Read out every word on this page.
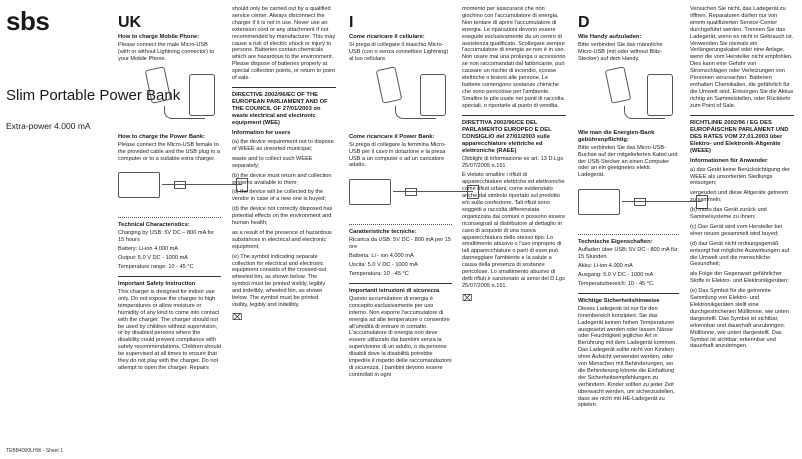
sbs
Slim Portable Power Bank
Extra-power 4.000 mA
TEBB4000LHW - Sheet 1
UK
How to charge Mobile Phone:

Please connect the male Micro-USB (with or without Lightning connector) to your Mobile Phone.

How to charge the Power Bank:

Please connect the Micro-USB female to the provided cable and the USB plug to a computer or to a suitable extra charger.

Technical Characteristics:

Charging by USB: 5V DC – 800 mA for 15 hours

Battery: Li-ion 4.000 mA

Output: 5.0 V DC - 1000 mA

Temperature range: 10 - 45 °C

Important Safety Instruction

This charger is designed for indoor use only. Do not expose the charger to high temperatures or allow moisture or humidity of any kind to come into contact with the charger. The charger should not be used by children without supervision, or by disabled persons where the disability could prevent compliance with safety recommendations. Children should be supervised at all times to ensure that they do not play with the charger. Do not attempt to open the charger. Repairs

should only be carried out by a qualified service center. Always disconnect the charger if it is not in use. Never use an extension cord or any attachment if not recommended by manufacturer. This may cause a risk of electric shock or injury to persons. Batteries contain chemicals which are hazardous to the environment. Please dispose of batteries properly at special collection points, or return to point of sale.

DIRECTIVE 2002/96/EC OF THE EUROPEAN PARLIAMENT AND OF THE COUNCIL OF 27/01/2003 on waste electrical and electronic equipment (WEE)
Information for users

(a) the device requirement not to dispose of WEEE as unsorted municipal;

waste and to collect such WEEE separately;

(b) the device must return and collection systems available to them;

(c) the device will be collected by the vendor in case of a new one is buyed;

(d) the device not correctly disposed has potential effects on the environment and human health;

as a result of the presence of hazardous substances in electrical and electronic equipment;

(e) The symbol indicating separate collection for electrical and electronic equipment consists of the crossed-out wheeled bin, as shown below. The symbol must be printed visibly, legibly and indelibly, wheeled bin, as shown below. The symbol must be printed visibly, legibly and indelibly.

⌧
I
Come ricaricare il cellulare:

Si prega di collegare il maschio Micro-USB (con o senza connettore Lightning) al tuo cellulare.

Come ricaricare il Power Bank:

Si prega di collegare la femmina Micro-USB per il cavo in dotazione e la presa USB a un computer o ad un caricatore adatto.

Caratteristiche tecniche:

Ricarica da USB: 5V DC - 800 mA per 15 ore

Batteria: Li - ion 4.000 mA

Uscita: 5.0 V DC - 1000 mA

Temperatura: 10 - 45 °C

Importanti istruzioni di sicurezza

Questo accumulatore di energia è concepito esclusivamente per uso interno. Non esporre l'accumulatore di energia ad alte temperature o consentire all'umidità di entrare in contatto. L'accumulatore di energia non deve essere utilizzato dai bambini senza la supervisione di un adulto, o da persone disabili dove la disabilità potrebbe impedire il rispetto delle raccomandazioni di sicurezza. I bambini devono essere controllati in ogni

momento per assicurarsi che non giochino con l'accumulatore di energia. Non tentare di aprire l'accumulatore di energia. Le riparazioni devono essere eseguite esclusivamente da un centro di assistenza qualificato. Scollegare sempre l'accumulatore di energia se non è in uso. Non usare mai una prolunga o accessorio se non raccomandati dal fabbricante, può causare un rischio di incendio, scosse elettriche o lesioni alle persone. Le batterie contengono sostanze chimiche che sono pericolose per l'ambiente. Smaltire le pile usate nei punti di raccolta speciali, o riportarle al punto di vendita.

DIRETTIVA 2002/96/CE DEL PARLAMENTO EUROPEO E DEL CONSIGLIO del 27/01/2003 sulle apparecchiature elettriche ed elettroniche (RAEE)

Obblighi di informazione ex art. 13 D.Lgs 25/07/2005 n.151

È vietato smaltire i rifiuti di apparecchiature elettriche ed elettroniche come rifiuti urbani, come evidenziato anche dal simbolo riportato sul prodotto e/o sulla confezione. Tali rifiuti sono soggetti a raccolta differenziata organizzata dai comuni o possono essere riconsegnati al distributore al dettaglio in caso di acquisto di una nuova apparecchiatura dello stesso tipo. Lo smaltimento abusivo o l'uso improprio di tali apparecchiature o parti di esse può danneggiare l'ambiente e la salute a causa della presenza di sostanze pericolose. Lo smaltimento abusivo di detti rifiuti è sanzionato ai sensi del D.Lgs 25/07/2005 n.151.

⌧
D
Wie Handy aufzuladen:

Bitte verbinden Sie das männliche Micro-USB (mit oder without Blitz-Stecker) auf dem Handy.

Wie man die Energien-Bank gebührenpflichtig:

Bitte verbinden Sie das Micro-USB-Buchse auf der mitgelieferten Kabel und der USB-Stecker an einen Computer oder an ein geeignetes elektr. Ladegerät.

Technische Eigenschaften:

Aufladen über USB: 5V DC - 800 mA für 15 Stunden

Akku: Li-ion 4.000 mA

Ausgang: 5.0 V DC - 1000 mA

Temperaturbereich: 10 - 45 °C.

Wichtige Sicherheitshinweise

Dieses Ladegerät ist nur für den Innenbereich konzipiert. Sie das Ladegerät keinen hohen Temperaturen ausgesetzt werden oder lassen Nässe oder Feuchtigkeit jeglicher Art in Berührung mit dem Ladegerät kommen. Das Ladegerät sollte nicht von Kindern ohne Aufsicht verwendet werden, oder von Menschen mit Behinderungen, wo die Behinderung könnte die Einhaltung der Sicherheitsempfehlungen zu verhindern. Kinder sollten zu jeder Zeit überwacht werden, um sicherzustellen, dass sie nicht mit HE-Ladegerät zu spielen.

Versuchen Sie nicht, das Ladegerät zu öffnen. Reparaturen dürfen nur von einem qualifizierten Service-Center durchgeführt werden. Trennen Sie das Ladegerät, wenn es nicht in Gebrauch ist. Verwenden Sie niemals ein Verlängerungskabel oder eine Anlage, wenn die vom Hersteller nicht empfohlen. Dies kann eine Gefahr von Stromschlägen oder Verletzungen von Personen verursachen. Batterien enthalten Chemikalien, die gefährlich für die Umwelt sind. Entsorgen Sie die Akkus richtig an Sammelstellen, oder Rückkehr zum Point of Sale.

RICHTLINIE 2002/96 / EG DES EUROPÄISCHEN PARLAMENT UND DES RATES VOM 27.01.2003 über Elektro- und Elektronik-Altgeräte (WEEE)
Informationen für Anwender

a) das Gerät keine Berücksichtigung der WEEE als unsortierten Siedlungs entsorgen;

vergeuden und diese Altgeräte getrennt zu sammeln;

(b) muss das Gerät zurück und Sammelsysteme zu ihnen;

(c) Das Gerät wird vom Hersteller bei einer neuen gesammelt wird buyed;

(d) das Gerät nicht ordnungsgemäß entsorgt hat mögliche Auswirkungen auf die Umwelt und die menschliche Gesundheit;

als Folge der Gegenwart gefährlicher Stoffe in Elektro- und Elektronikgeräten;

(e) Das Symbol für die getrennte Sammlung von Elektro- und Elektronikgeräten stellt eine durchgestrichenen Mülltonne, wie unten dargestellt. Das Symbol ist sichtbar, erkennbar und dauerhaft anzubringen. Mülltonne, wie unten dargestellt. Das Symbol ist sichtbar, erkennbar und dauerhaft anzubringen.
